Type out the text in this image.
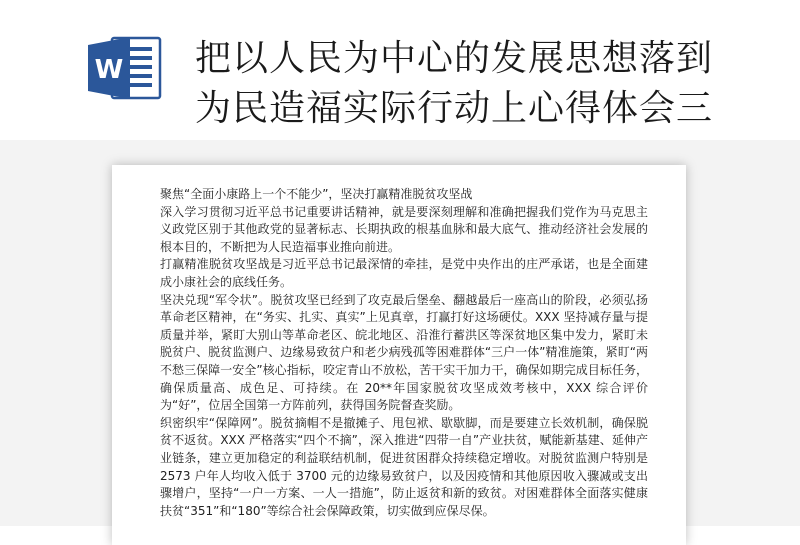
W 把以人民为中心的发展思想落到
为民造福实际行动上心得体会三

聚焦“全面小康路上一个不能少”，坚决打赢精准脱贫攻坚战

深入学习贯彻习近平总书记重要讲话精神，就是要深刻理解和准确把握我们党作为马克思主义政党区别于其他政党的显著标志、长期执政的根基血脉和最大底气、推动经济社会发展的根本目的，不断把为人民造福事业推向前进。

打赢精准脱贫攻坚战是习近平总书记最深情的牵挂，是党中央作出的庄严承诺，也是全面建成小康社会的底线任务。

坚决兑现“军令状”。脱贫攻坚已经到了攻克最后堡垒、翻越最后一座高山的阶段，必须弘扬革命老区精神，在“务实、扎实、真实”上见真章，打赢打好这场硬仗。XXX 坚持减存量与提质量并举，紧盯大别山等革命老区、皖北地区、沿淮行蓄洪区等深贫地区集中发力，紧盯未脱贫户、脱贫监测户、边缘易致贫户和老少病残孤等困难群体“三户一体”精准施策，紧盯“两不愁三保障一安全”核心指标，咬定青山不放松，苦干实干加力干，确保如期完成目标任务，确保质量高、成色足、可持续。在 20**年国家脱贫攻坚成效考核中，XXX 综合评价为“好”，位居全国第一方阵前列，获得国务院督查奖励。

织密织牢“保障网”。脱贫摘帽不是撤摊子、甩包袱、歇歇脚，而是要建立长效机制，确保脱贫不返贫。XXX 严格落实“四个不摘”，深入推进“四带一自”产业扶贫，赋能新基建、延伸产业链条，建立更加稳定的利益联结机制，促进贫困群众持续稳定增收。对脱贫监测户特别是 2573 户年人均收入低于 3700 元的边缘易致贫户，以及因疫情和其他原因收入骤减或支出骤增户，坚持“一户一方案、一人一措施”，防止返贫和新的致贫。对困难群体全面落实健康扶贫“351”和“180”等综合社会保障政策，切实做到应保尽保。
